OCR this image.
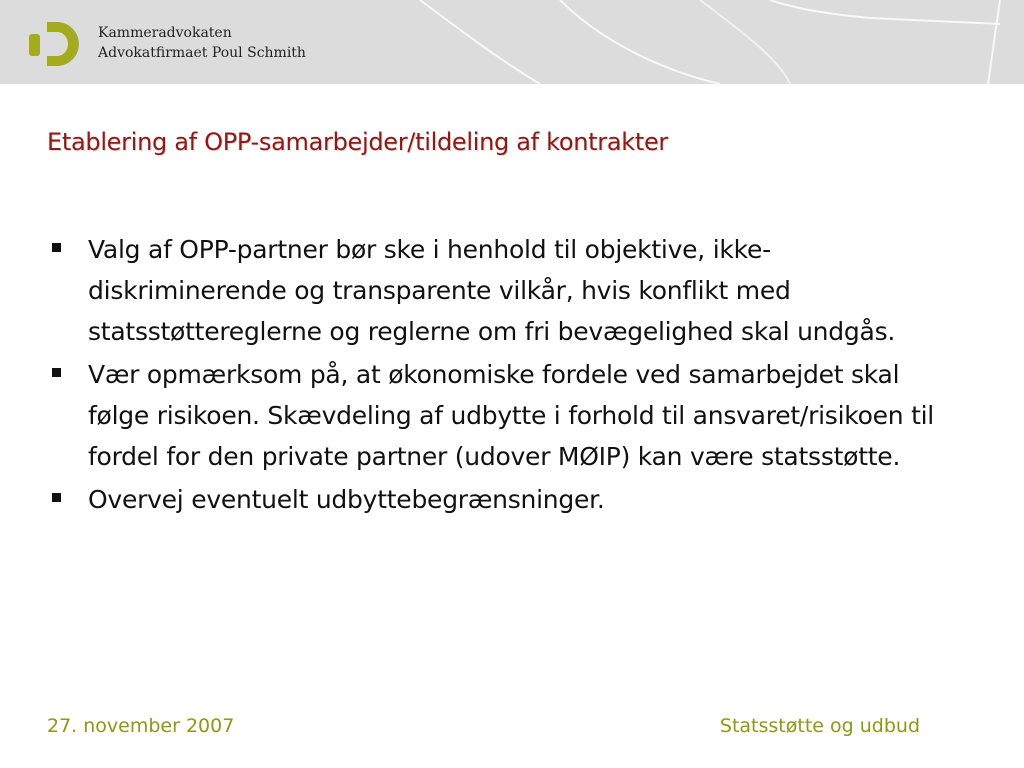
Kammeradvokaten
Advokatfirmaet Poul Schmith
Etablering af OPP-samarbejder/tildeling af kontrakter
Valg af OPP-partner bør ske i henhold til objektive, ikke-diskriminerende og transparente vilkår, hvis konflikt med statsstøttereglerne og reglerne om fri bevægelighed skal undgås.
Vær opmærksom på, at økonomiske fordele ved samarbejdet skal følge risikoen. Skævdeling af udbytte i forhold til ansvaret/risikoen til fordel for den private partner (udover MØIP) kan være statsstøtte.
Overvej eventuelt udbyttebegrænsninger.
27. november 2007	Statsstøtte og udbud
